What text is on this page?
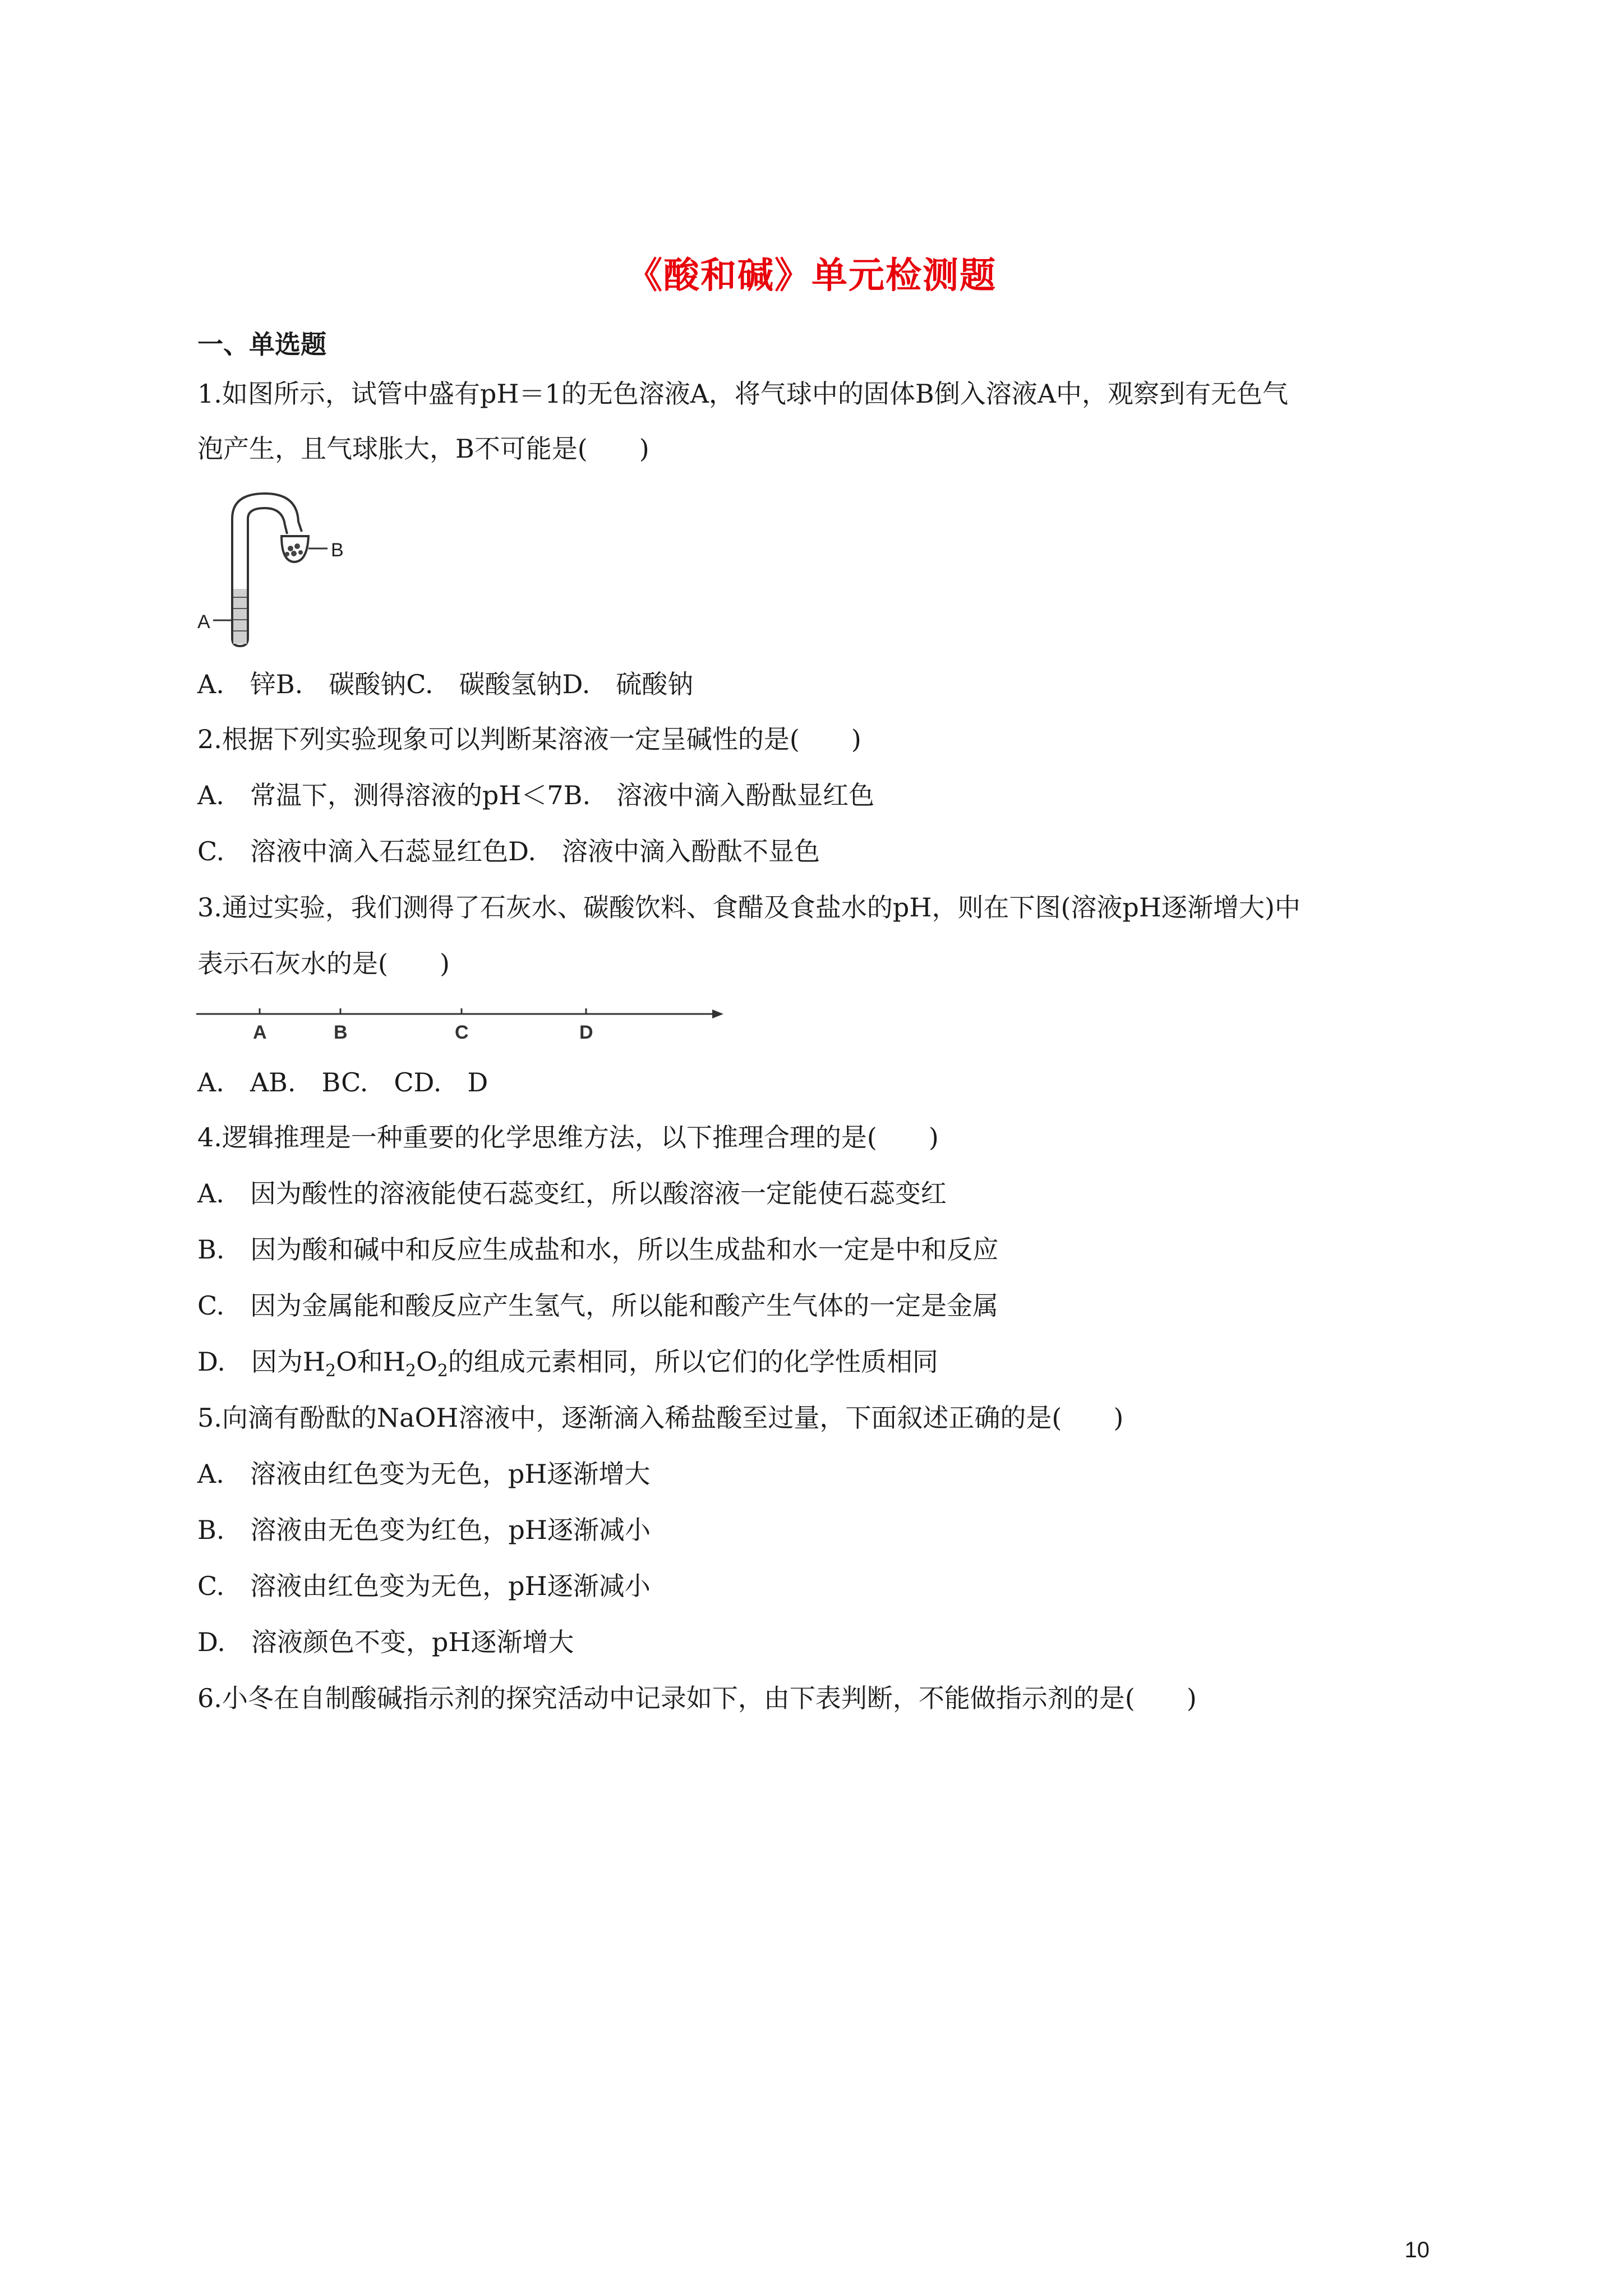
《酸和碱》单元检测题
一、单选题
1.如图所示，试管中盛有pH＝1的无色溶液A，将气球中的固体B倒入溶液A中，观察到有无色气
泡产生，且气球胀大，B不可能是(　　)
B
A
A.　锌B.　碳酸钠C.　碳酸氢钠D.　硫酸钠
2.根据下列实验现象可以判断某溶液一定呈碱性的是(　　)
A.　常温下，测得溶液的pH＜7B.　溶液中滴入酚酞显红色
C.　溶液中滴入石蕊显红色D.　溶液中滴入酚酞不显色
3.通过实验，我们测得了石灰水、碳酸饮料、食醋及食盐水的pH，则在下图(溶液pH逐渐增大)中
表示石灰水的是(　　)
A	B	C	D
A.　AB.　BC.　CD.　D
4.逻辑推理是一种重要的化学思维方法，以下推理合理的是(　　)
A.　因为酸性的溶液能使石蕊变红，所以酸溶液一定能使石蕊变红
B.　因为酸和碱中和反应生成盐和水，所以生成盐和水一定是中和反应
C.　因为金属能和酸反应产生氢气，所以能和酸产生气体的一定是金属
D.　因为$H_2O$和$H_2O_2$的组成元素相同，所以它们的化学性质相同
5.向滴有酚酞的NaOH溶液中，逐渐滴入稀盐酸至过量，下面叙述正确的是(　　)
A.　溶液由红色变为无色，pH逐渐增大
B.　溶液由无色变为红色，pH逐渐减小
C.　溶液由红色变为无色，pH逐渐减小
D.　溶液颜色不变，pH逐渐增大
6.小冬在自制酸碱指示剂的探究活动中记录如下，由下表判断，不能做指示剂的是(　　)
10
